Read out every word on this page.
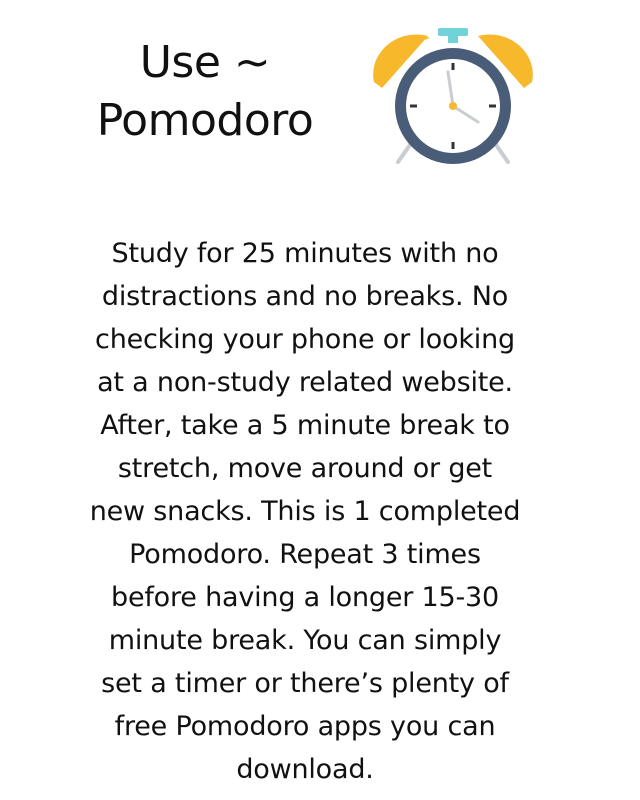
Use ~
Pomodoro
Study for 25 minutes with no
distractions and no breaks. No
checking your phone or looking
at a non-study related website.
After, take a 5 minute break to
stretch, move around or get
new snacks. This is 1 completed
Pomodoro. Repeat 3 times
before having a longer 15-30
minute break. You can simply
set a timer or there’s plenty of
free Pomodoro apps you can
download.
